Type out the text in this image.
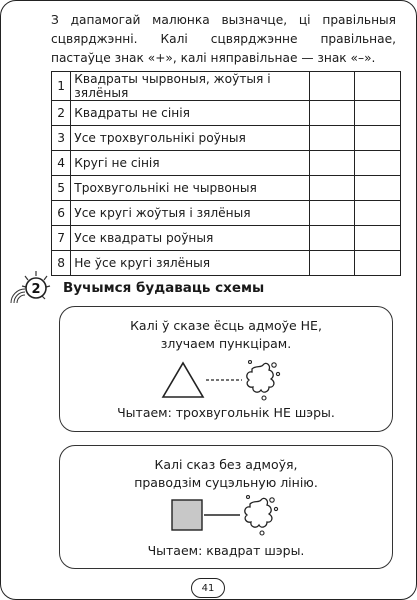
З дапамогай малюнка вызначце, ці правільныя сцвярджэнні. Калі сцвярджэнне правільнае, пастаўце знак «+», калі няправільнае — знак «–».
1	Квадраты чырвоныя, жоўтыя і зялёныя		
2	Квадраты не сінія		
3	Усе трохвугольнікі роўныя		
4	Кругі не сінія		
5	Трохвугольнікі не чырвоныя		
6	Усе кругі жоўтыя і зялёныя		
7	Усе квадраты роўныя		
8	Не ўсе кругі зялёныя		
2 Вучымся будаваць схемы
Калі ў сказе ёсць адмоўе НЕ,
злучаем пункцірам.
Чытаем: трохвугольнік НЕ шэры.
Калі сказ без адмоўя,
праводзім суцэльную лінію.
Чытаем: квадрат шэры.
41
